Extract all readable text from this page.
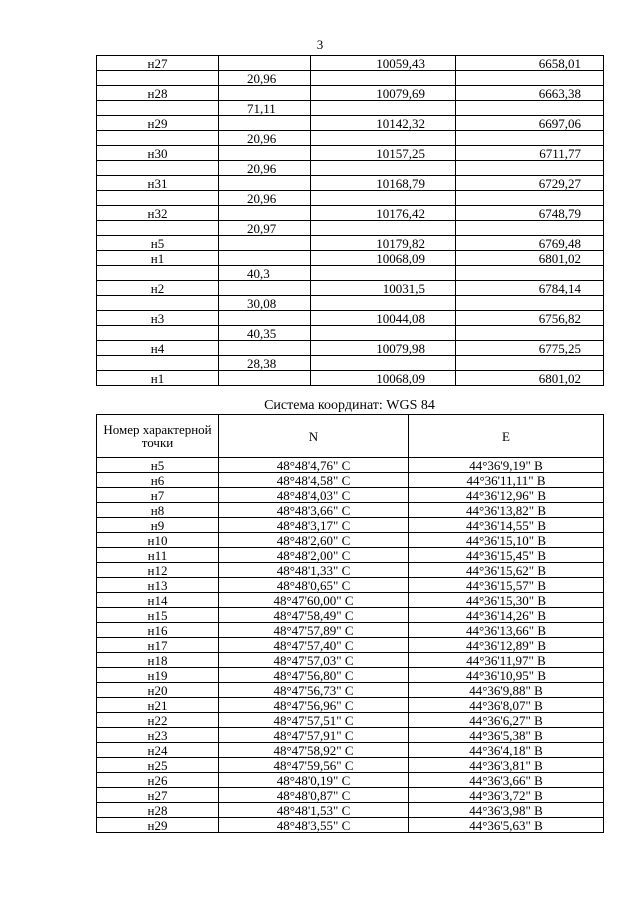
3
н27		10059,43	6658,01
	20,96		
н28		10079,69	6663,38
	71,11		
н29		10142,32	6697,06
	20,96		
н30		10157,25	6711,77
	20,96		
н31		10168,79	6729,27
	20,96		
н32		10176,42	6748,79
	20,97		
н5		10179,82	6769,48
н1		10068,09	6801,02
	40,3		
н2		10031,5	6784,14
	30,08		
н3		10044,08	6756,82
	40,35		
н4		10079,98	6775,25
	28,38		
н1		10068,09	6801,02
Система координат: WGS 84
Номер характерной точки	N	E
н5	48°48'4,76" С	44°36'9,19" В
н6	48°48'4,58" С	44°36'11,11" В
н7	48°48'4,03" С	44°36'12,96" В
н8	48°48'3,66" С	44°36'13,82" В
н9	48°48'3,17" С	44°36'14,55" В
н10	48°48'2,60" С	44°36'15,10" В
н11	48°48'2,00" С	44°36'15,45" В
н12	48°48'1,33" С	44°36'15,62" В
н13	48°48'0,65" С	44°36'15,57" В
н14	48°47'60,00" С	44°36'15,30" В
н15	48°47'58,49" С	44°36'14,26" В
н16	48°47'57,89" С	44°36'13,66" В
н17	48°47'57,40" С	44°36'12,89" В
н18	48°47'57,03" С	44°36'11,97" В
н19	48°47'56,80" С	44°36'10,95" В
н20	48°47'56,73" С	44°36'9,88" В
н21	48°47'56,96" С	44°36'8,07" В
н22	48°47'57,51" С	44°36'6,27" В
н23	48°47'57,91" С	44°36'5,38" В
н24	48°47'58,92" С	44°36'4,18" В
н25	48°47'59,56" С	44°36'3,81" В
н26	48°48'0,19" С	44°36'3,66" В
н27	48°48'0,87" С	44°36'3,72" В
н28	48°48'1,53" С	44°36'3,98" В
н29	48°48'3,55" С	44°36'5,63" В
